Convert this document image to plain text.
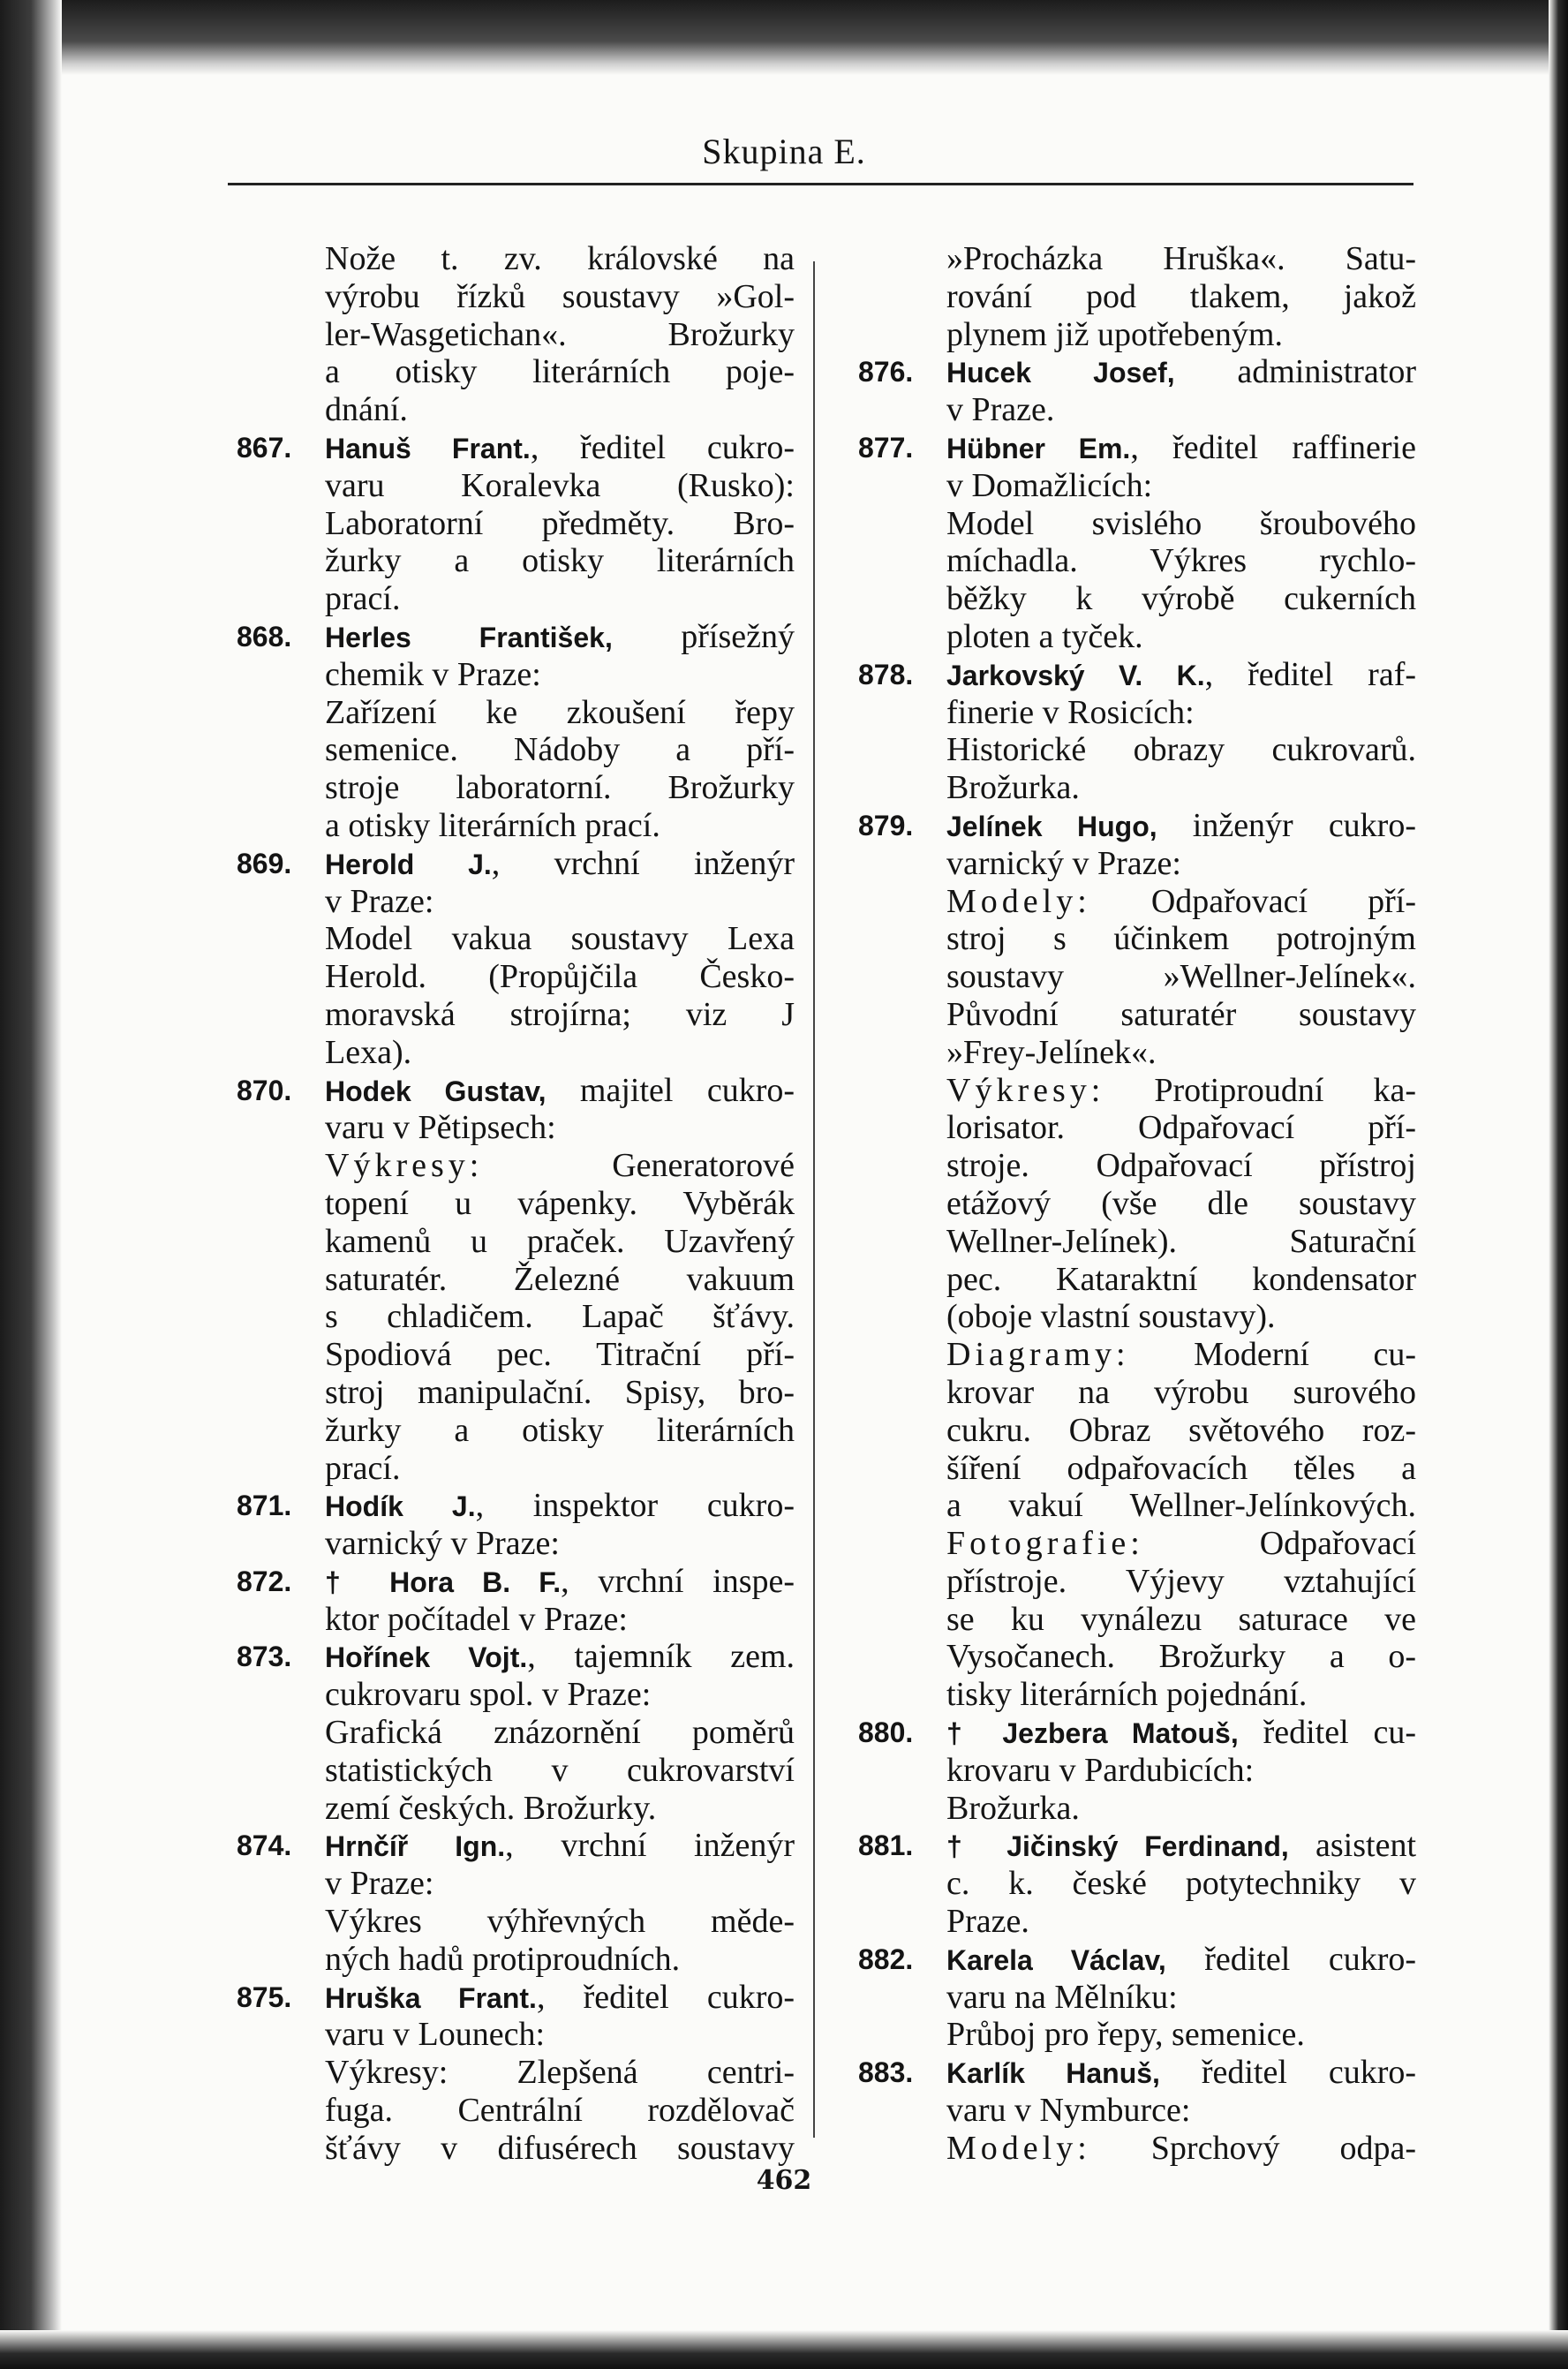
Skupina E.
Nože t. zv. královské na
výrobu řízků soustavy »Gol-
ler-Wasgetichan«. Brožurky
a otisky literárních poje-
dnání.
867.	Hanuš Frant., ředitel cukro-
varu Koralevka (Rusko):
Laboratorní předměty. Bro-
žurky a otisky literárních
prací.
868.	Herles František, přísežný
chemik v Praze:
Zařízení ke zkoušení řepy
semenice. Nádoby a pří-
stroje laboratorní. Brožurky
a otisky literárních prací.
869.	Herold J., vrchní inženýr
v Praze:
Model vakua soustavy Lexa
Herold. (Propůjčila Česko-
moravská strojírna; viz J
Lexa).
870.	Hodek Gustav, majitel cukro-
varu v Pětipsech:
Výkresy: Generatorové
topení u vápenky. Vyběrák
kamenů u praček. Uzavřený
saturatér. Železné vakuum
s chladičem. Lapač šťávy.
Spodiová pec. Titrační pří-
stroj manipulační. Spisy, bro-
žurky a otisky literárních
prací.
871.	Hodík J., inspektor cukro-
varnický v Praze:
872.	† Hora B. F., vrchní inspe-
ktor počítadel v Praze:
873.	Hořínek Vojt., tajemník zem.
cukrovaru spol. v Praze:
Grafická znázornění poměrů
statistických v cukrovarství
zemí českých. Brožurky.
874.	Hrnčíř Ign., vrchní inženýr
v Praze:
Výkres výhřevných měde-
ných hadů protiproudních.
875.	Hruška Frant., ředitel cukro-
varu v Lounech:
Výkresy: Zlepšená centri-
fuga. Centrální rozdělovač
šťávy v difusérech soustavy
»Procházka Hruška«. Satu-
rování pod tlakem, jakož
plynem již upotřebeným.
876.	Hucek Josef, administrator
v Praze.
877.	Hübner Em., ředitel raffinerie
v Domažlicích:
Model svislého šroubového
míchadla. Výkres rychlo-
běžky k výrobě cukerních
ploten a tyček.
878.	Jarkovský V. K., ředitel raf-
finerie v Rosicích:
Historické obrazy cukrovarů.
Brožurka.
879.	Jelínek Hugo, inženýr cukro-
varnický v Praze:
Modely: Odpařovací pří-
stroj s účinkem potrojným
soustavy »Wellner-Jelínek«.
Původní saturatér soustavy
»Frey-Jelínek«.
Výkresy: Protiproudní ka-
lorisator. Odpařovací pří-
stroje. Odpařovací přístroj
etážový (vše dle soustavy
Wellner-Jelínek). Saturační
pec. Kataraktní kondensator
(oboje vlastní soustavy).
Diagramy: Moderní cu-
krovar na výrobu surového
cukru. Obraz světového roz-
šíření odpařovacích těles a
a vakuí Wellner-Jelínkových.
Fotografie: Odpařovací
přístroje. Výjevy vztahující
se ku vynálezu saturace ve
Vysočanech. Brožurky a o-
tisky literárních pojednání.
880.	† Jezbera Matouš, ředitel cu-
krovaru v Pardubicích:
Brožurka.
881.	† Jičinský Ferdinand, asistent
c. k. české potytechniky v
Praze.
882.	Karela Václav, ředitel cukro-
varu na Mělníku:
Průboj pro řepy, semenice.
883.	Karlík Hanuš, ředitel cukro-
varu v Nymburce:
Modely: Sprchový odpa-
462
